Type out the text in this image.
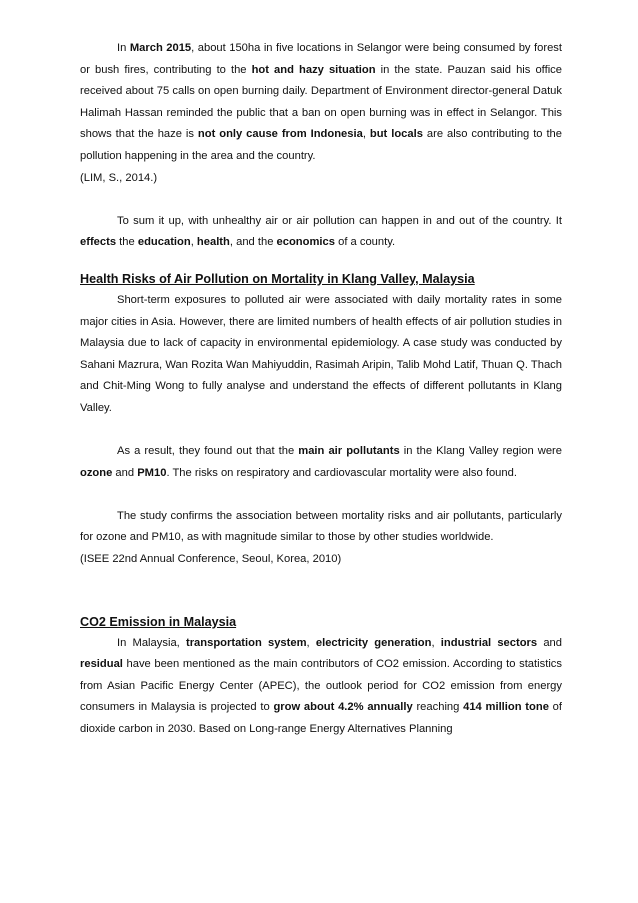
In March 2015, about 150ha in five locations in Selangor were being consumed by forest or bush fires, contributing to the hot and hazy situation in the state. Pauzan said his office received about 75 calls on open burning daily. Department of Environment director-general Datuk Halimah Hassan reminded the public that a ban on open burning was in effect in Selangor. This shows that the haze is not only cause from Indonesia, but locals are also contributing to the pollution happening in the area and the country.

(LIM, S., 2014.)

To sum it up, with unhealthy air or air pollution can happen in and out of the country. It effects the education, health, and the economics of a county.

Health Risks of Air Pollution on Mortality in Klang Valley, Malaysia

Short-term exposures to polluted air were associated with daily mortality rates in some major cities in Asia. However, there are limited numbers of health effects of air pollution studies in Malaysia due to lack of capacity in environmental epidemiology. A case study was conducted by Sahani Mazrura, Wan Rozita Wan Mahiyuddin, Rasimah Aripin, Talib Mohd Latif, Thuan Q. Thach and Chit-Ming Wong to fully analyse and understand the effects of different pollutants in Klang Valley.

As a result, they found out that the main air pollutants in the Klang Valley region were ozone and PM10. The risks on respiratory and cardiovascular mortality were also found.

The study confirms the association between mortality risks and air pollutants, particularly for ozone and PM10, as with magnitude similar to those by other studies worldwide.

(ISEE 22nd Annual Conference, Seoul, Korea, 2010)

CO2 Emission in Malaysia

In Malaysia, transportation system, electricity generation, industrial sectors and residual have been mentioned as the main contributors of CO2 emission. According to statistics from Asian Pacific Energy Center (APEC), the outlook period for CO2 emission from energy consumers in Malaysia is projected to grow about 4.2% annually reaching 414 million tone of dioxide carbon in 2030. Based on Long-range Energy Alternatives Planning
